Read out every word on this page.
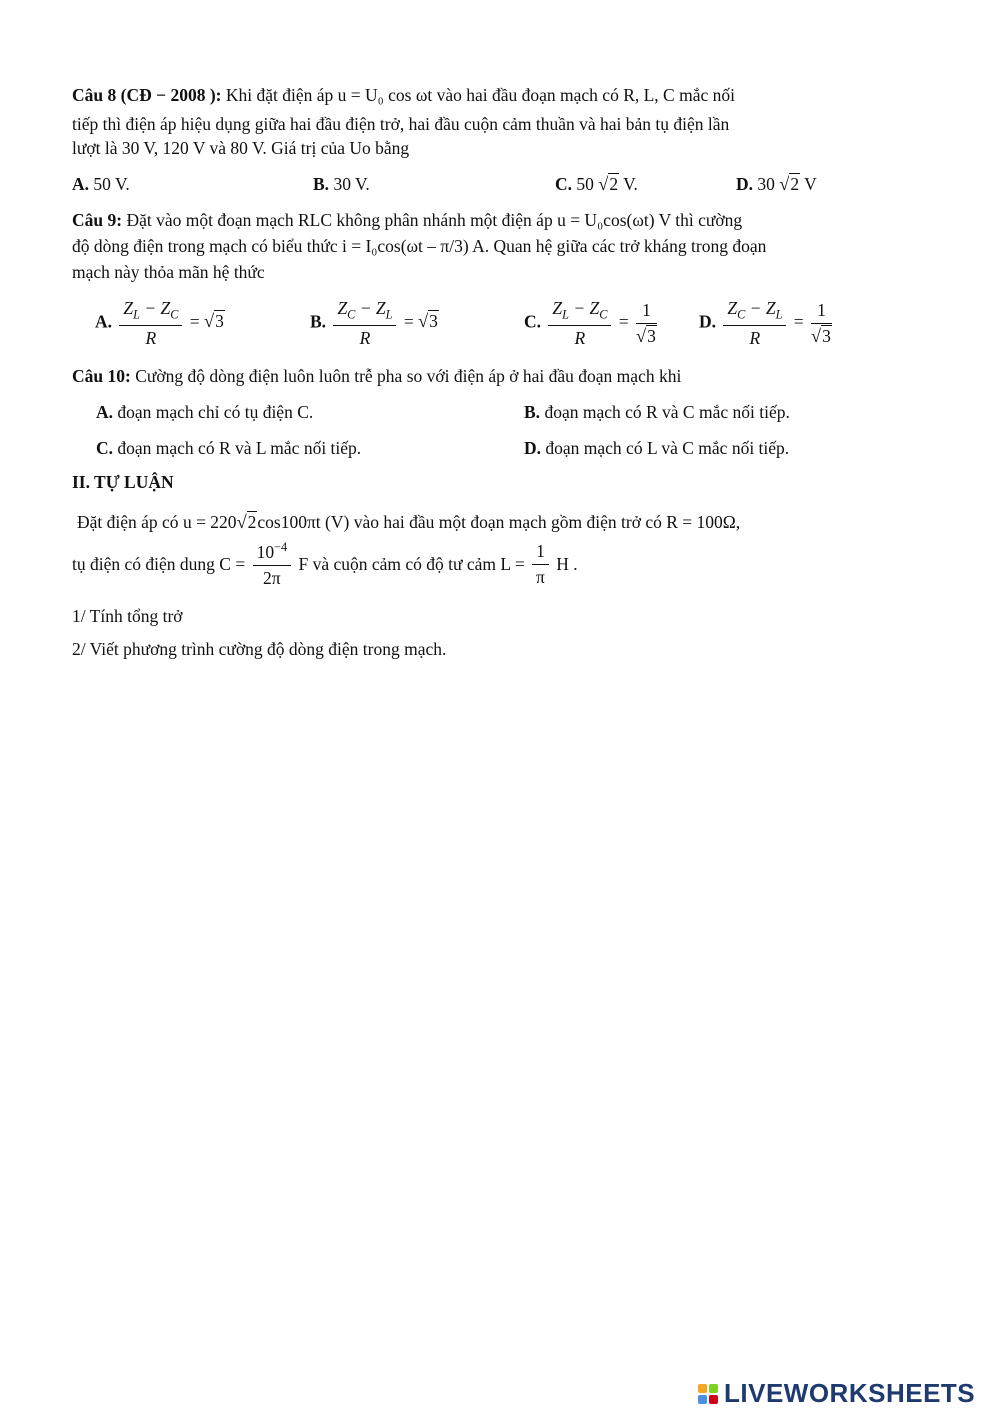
Câu 8 (CĐ − 2008 ): Khi đặt điện áp u = U₀ cos ωt vào hai đầu đoạn mạch có R, L, C mắc nối
tiếp thì điện áp hiệu dụng giữa hai đầu điện trở, hai đầu cuộn cảm thuần và hai bản tụ điện lần
lượt là 30 V, 120 V và 80 V. Giá trị của Uo bằng
A. 50 V.	B. 30 V.	C. 50 √2 V.	D. 30 √2 V
Câu 9: Đặt vào một đoạn mạch RLC không phân nhánh một điện áp u = U₀cos(ωt) V thì cường
độ dòng điện trong mạch có biểu thức i = I₀cos(ωt – π/3) A. Quan hệ giữa các trở kháng trong đoạn
mạch này thỏa mãn hệ thức
A. $\frac{Z_L - Z_C}{R} = √3$	B. $\frac{Z_C - Z_L}{R} = √3$	C. $\frac{Z_L - Z_C}{R} = \frac{1}{√3} D$. $\frac{Z_C - Z_L}{R} = \frac{1}{√3}$
Câu 10: Cường độ dòng điện luôn luôn trễ pha so với điện áp ở hai đầu đoạn mạch khi
A. đoạn mạch chỉ có tụ điện C.	B. đoạn mạch có R và C mắc nối tiếp.
C. đoạn mạch có R và L mắc nối tiếp.	D. đoạn mạch có L và C mắc nối tiếp.
II. TỰ LUẬN
Đặt điện áp có u = 220√2cos100πt (V) vào hai đầu một đoạn mạch gồm điện trở có R = 100Ω,
tụ điện có điện dung $C = \frac{10^{-4}}{2\pi}$ F và cuộn cảm có độ tư cảm $L = \frac{1}{\pi}$ H .
1/ Tính tổng trở
2/ Viết phương trình cường độ dòng điện trong mạch.
LIVEWORKSHEETS
